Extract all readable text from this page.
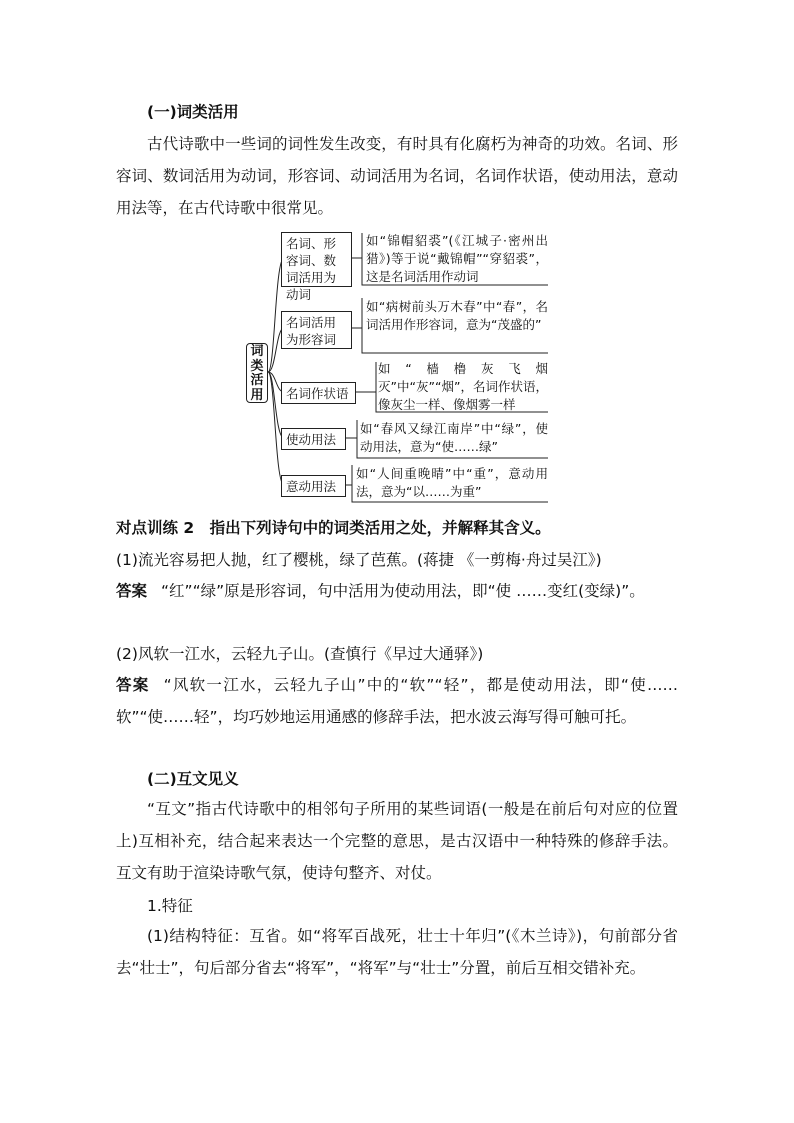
(一)词类活用

古代诗歌中一些词的词性发生改变，有时具有化腐朽为神奇的功效。名词、形容词、数词活用为动词，形容词、动词活用为名词，名词作状语，使动用法，意动用法等，在古代诗歌中很常见。

词类活用
名词、形容词、数词活用为动词
如“锦帽貂裘”(《江城子·密州出猎》)等于说“戴锦帽”“穿貂裘”，这是名词活用作动词
名词活用为形容词
如“病树前头万木春”中“春”，名词活用作形容词，意为“茂盛的”
名词作状语
如“樯橹灰飞烟灭”中“灰”“烟”，名词作状语，像灰尘一样、像烟雾一样
使动用法
如“春风又绿江南岸”中“绿”，使动用法，意为“使……绿”
意动用法
如“人间重晚晴”中“重”，意动用法，意为“以……为重”

对点训练 2　指出下列诗句中的词类活用之处，并解释其含义。

(1)流光容易把人抛，红了樱桃，绿了芭蕉。(蒋捷 《一剪梅·舟过吴江》)

答案 “红”“绿”原是形容词，句中活用为使动用法，即“使 ……变红(变绿)”。

(2)风软一江水，云轻九子山。(查慎行《早过大通驿》)

答案 “风软一江水，云轻九子山”中的“软”“轻”，都是使动用法，即“使……软”“使……轻”，均巧妙地运用通感的修辞手法，把水波云海写得可触可托。

(二)互文见义

“互文”指古代诗歌中的相邻句子所用的某些词语(一般是在前后句对应的位置上)互相补充，结合起来表达一个完整的意思，是古汉语中一种特殊的修辞手法。互文有助于渲染诗歌气氛，使诗句整齐、对仗。

1.特征

(1)结构特征：互省。如“将军百战死，壮士十年归”(《木兰诗》)，句前部分省去“壮士”，句后部分省去“将军”，“将军”与“壮士”分置，前后互相交错补充。
